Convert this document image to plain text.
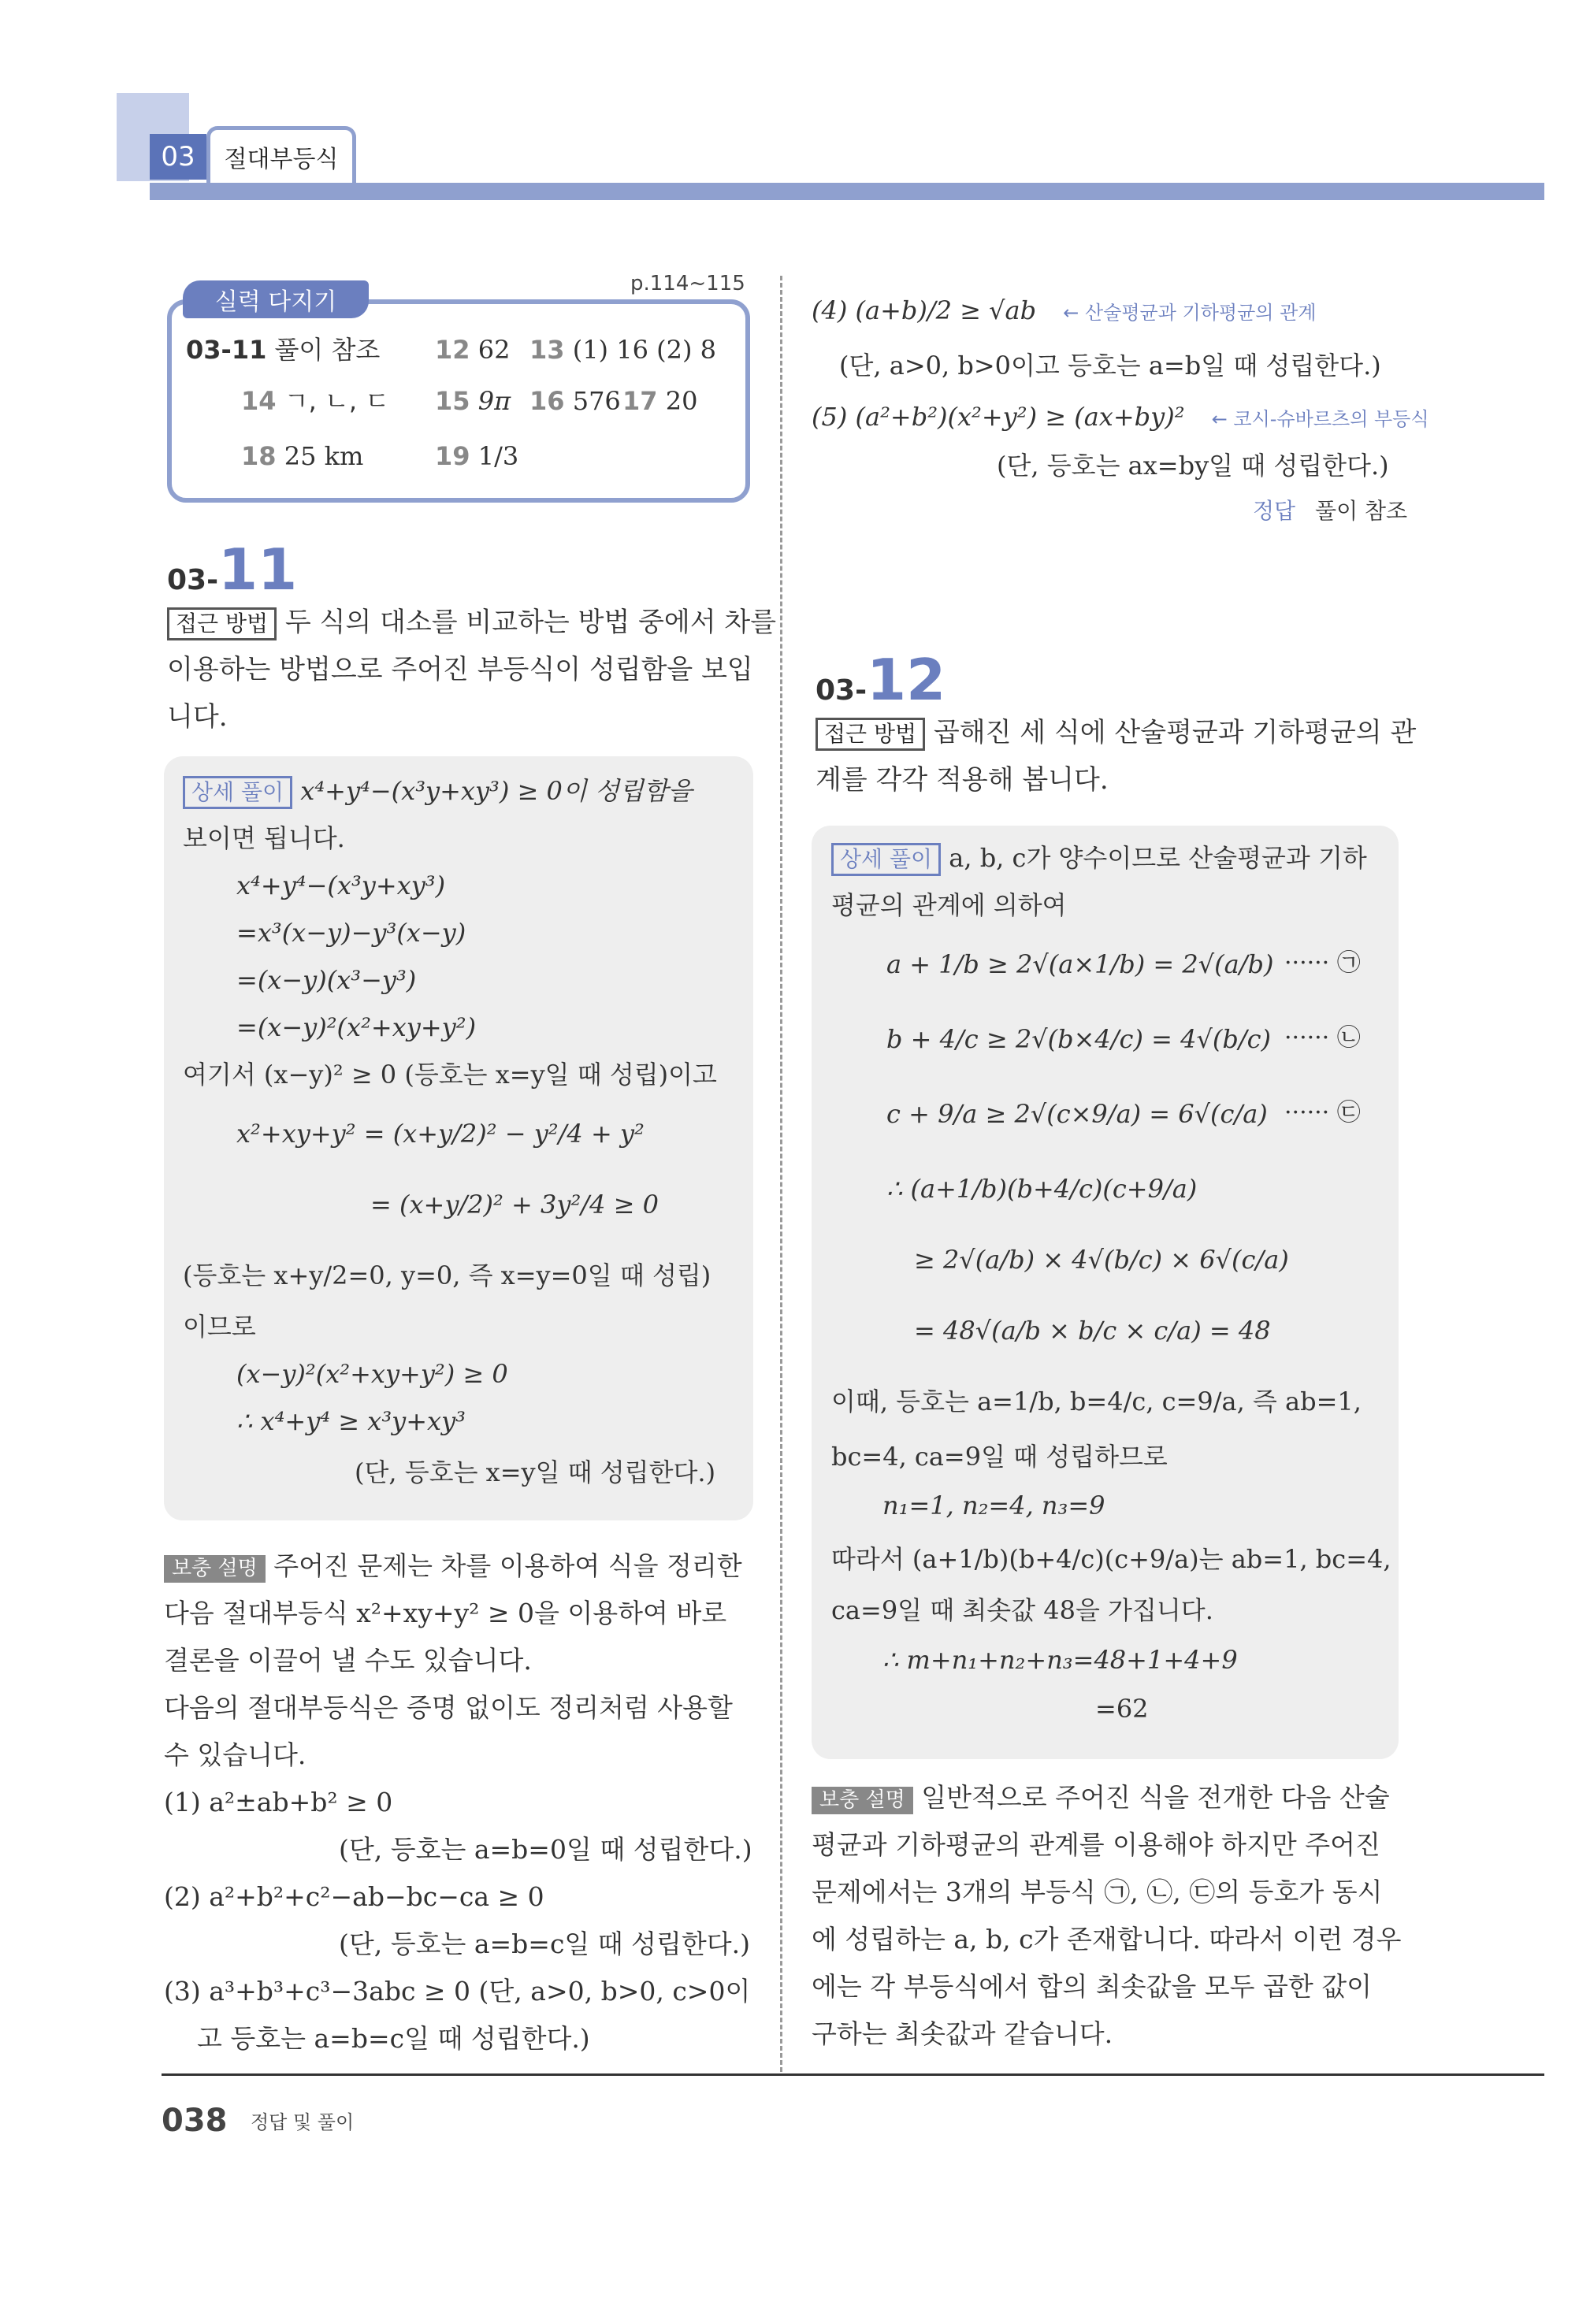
03	절대부등식
실력 다지기
p.114~115
03-11 풀이 참조 12 62 13 (1) 16 (2) 8
14 ㄱ, ㄴ, ㄷ 15 9π 16 576 17 20
18 25 km	19 1/3
03-11
접근 방법 두 식의 대소를 비교하는 방법 중에서 차를
이용하는 방법으로 주어진 부등식이 성립함을 보입
니다.
상세 풀이 x⁴+y⁴−(x³y+xy³) ≥ 0이 성립함을
보이면 됩니다.
x⁴+y⁴−(x³y+xy³)
=x³(x−y)−y³(x−y)
=(x−y)(x³−y³)
=(x−y)²(x²+xy+y²)
여기서 (x−y)² ≥ 0 (등호는 x=y일 때 성립)이고
x²+xy+y² = (x+y/2)² − y²/4 + y²
= (x+y/2)² + 3y²/4 ≥ 0
(등호는 x+y/2=0, y=0, 즉 x=y=0일 때 성립)
이므로
(x−y)²(x²+xy+y²) ≥ 0
∴ x⁴+y⁴ ≥ x³y+xy³
(단, 등호는 x=y일 때 성립한다.)
보충 설명 주어진 문제는 차를 이용하여 식을 정리한
다음 절대부등식 x²+xy+y² ≥ 0을 이용하여 바로
결론을 이끌어 낼 수도 있습니다.
다음의 절대부등식은 증명 없이도 정리처럼 사용할
수 있습니다.
(1) a²±ab+b² ≥ 0
(단, 등호는 a=b=0일 때 성립한다.)
(2) a²+b²+c²−ab−bc−ca ≥ 0
(단, 등호는 a=b=c일 때 성립한다.)
(3) a³+b³+c³−3abc ≥ 0 (단, a>0, b>0, c>0이
고 등호는 a=b=c일 때 성립한다.)
(4) (a+b)/2 ≥ √ab ← 산술평균과 기하평균의 관계
(단, a>0, b>0이고 등호는 a=b일 때 성립한다.)
(5) (a²+b²)(x²+y²) ≥ (ax+by)² ← 코시-슈바르츠의 부등식
(단, 등호는 ax=by일 때 성립한다.)
정답 풀이 참조
03-12
접근 방법 곱해진 세 식에 산술평균과 기하평균의 관
계를 각각 적용해 봅니다.
상세 풀이 a, b, c가 양수이므로 산술평균과 기하
평균의 관계에 의하여
a + 1/b ≥ 2√(a×1/b) = 2√(a/b) ······ ㉠
b + 4/c ≥ 2√(b×4/c) = 4√(b/c) ······ ㉡
c + 9/a ≥ 2√(c×9/a) = 6√(c/a) ······ ㉢
∴ (a+1/b)(b+4/c)(c+9/a)
≥ 2√(a/b) × 4√(b/c) × 6√(c/a)
= 48√(a/b × b/c × c/a) = 48
이때, 등호는 a=1/b, b=4/c, c=9/a, 즉 ab=1,
bc=4, ca=9일 때 성립하므로
n₁=1, n₂=4, n₃=9
따라서 (a+1/b)(b+4/c)(c+9/a)는 ab=1, bc=4,
ca=9일 때 최솟값 48을 가집니다.
∴ m+n₁+n₂+n₃=48+1+4+9
=62
보충 설명 일반적으로 주어진 식을 전개한 다음 산술
평균과 기하평균의 관계를 이용해야 하지만 주어진
문제에서는 3개의 부등식 ㉠, ㉡, ㉢의 등호가 동시
에 성립하는 a, b, c가 존재합니다. 따라서 이런 경우
에는 각 부등식에서 합의 최솟값을 모두 곱한 값이
구하는 최솟값과 같습니다.
038 정답 및 풀이
